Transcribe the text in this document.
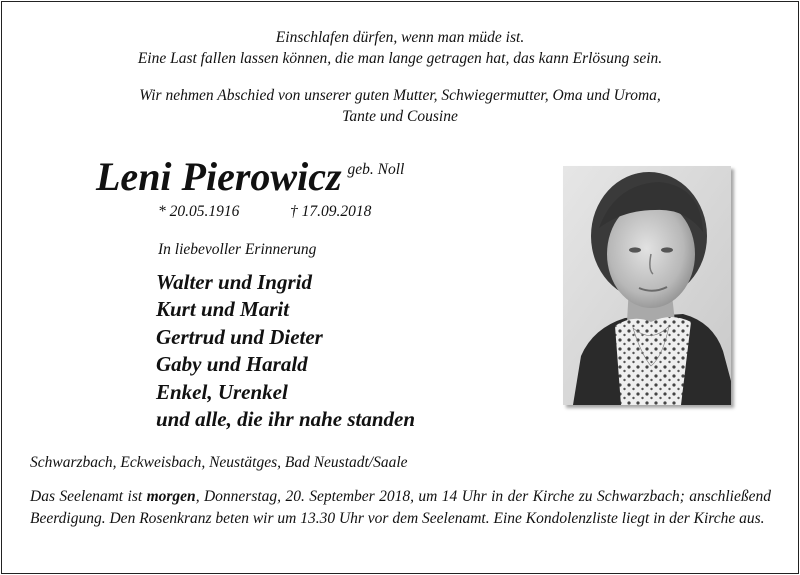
Einschlafen dürfen, wenn man müde ist.
Eine Last fallen lassen können, die man lange getragen hat, das kann Erlösung sein.
Wir nehmen Abschied von unserer guten Mutter, Schwiegermutter, Oma und Uroma,
Tante und Cousine
Leni Pierowicz $^{geb. Noll}$
* 20.05.1916	† 17.09.2018
In liebevoller Erinnerung
Walter und Ingrid
Kurt und Marit
Gertrud und Dieter
Gaby und Harald
Enkel, Urenkel
und alle, die ihr nahe standen
Schwarzbach, Eckweisbach, Neustätges, Bad Neustadt/Saale

Das Seelenamt ist morgen, Donnerstag, 20. September 2018, um 14 Uhr in der Kirche zu Schwarzbach; anschließend Beerdigung. Den Rosenkranz beten wir um 13.30 Uhr vor dem Seelenamt. Eine Kondolenzliste liegt in der Kirche aus.
